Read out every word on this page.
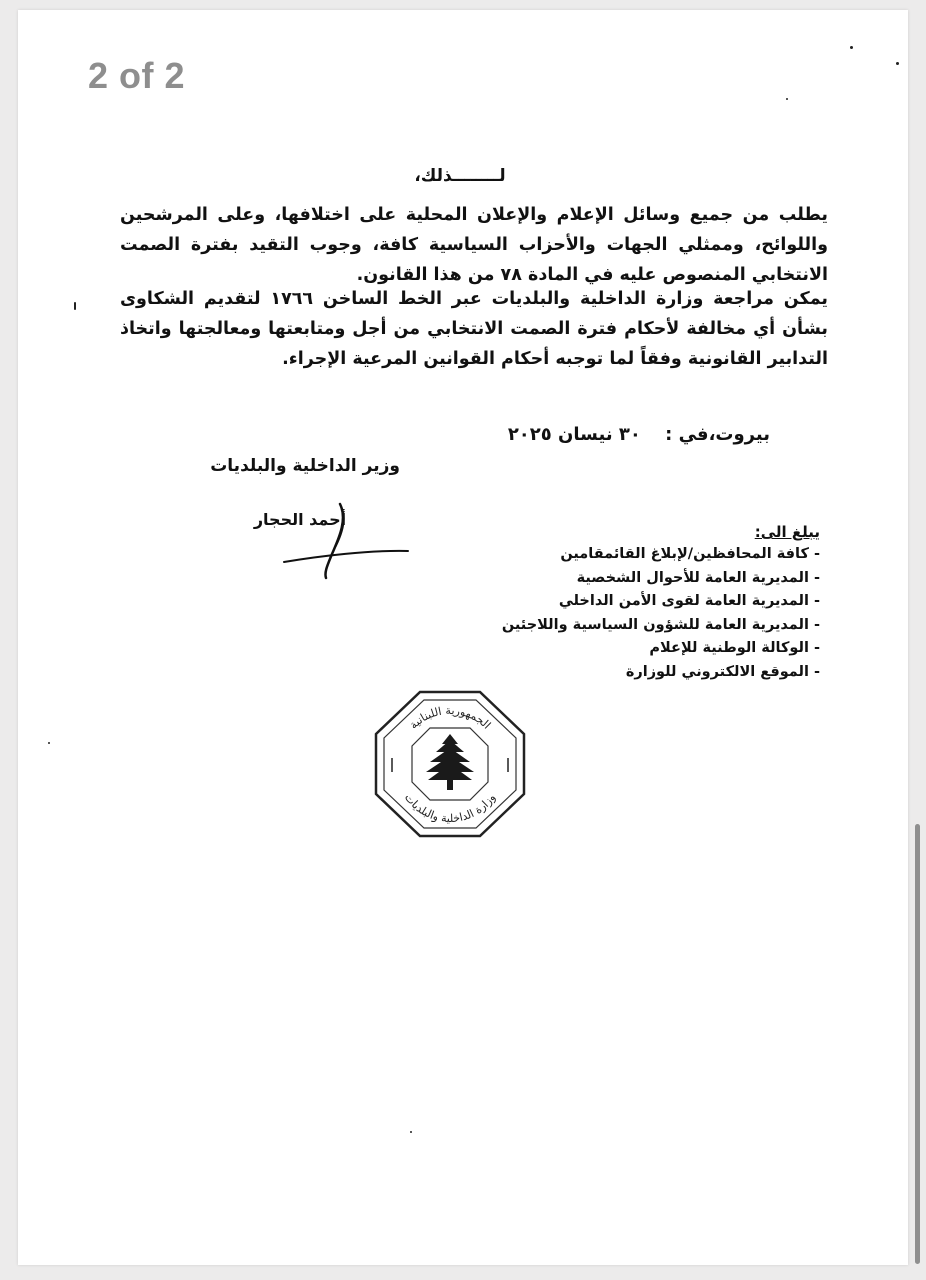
2 of 2
لــــــــذلك،
يطلب من جميع وسائل الإعلام والإعلان المحلية على اختلافها، وعلى المرشحين واللوائح، وممثلي الجهات والأحزاب السياسية كافة، وجوب التقيد بفترة الصمت الانتخابي المنصوص عليه في المادة ٧٨ من هذا القانون.
يمكن مراجعة وزارة الداخلية والبلديات عبر الخط الساخن ١٧٦٦ لتقديم الشكاوى بشأن أي مخالفة لأحكام فترة الصمت الانتخابي من أجل ومتابعتها ومعالجتها واتخاذ التدابير القانونية وفقاً لما توجبه أحكام القوانين المرعية الإجراء.
بيروت،في : ٣٠ نيسان ٢٠٢٥
وزير الداخلية والبلديات
أحمد الحجار
يبلغ الى:
- كافة المحافظين/لإبلاغ القائمقامين
- المديرية العامة للأحوال الشخصية
- المديرية العامة لقوى الأمن الداخلي
- المديرية العامة للشؤون السياسية واللاجئين
- الوكالة الوطنية للإعلام
- الموقع الالكتروني للوزارة
الجمهورية اللبنانية
وزارة الداخلية والبلديات
